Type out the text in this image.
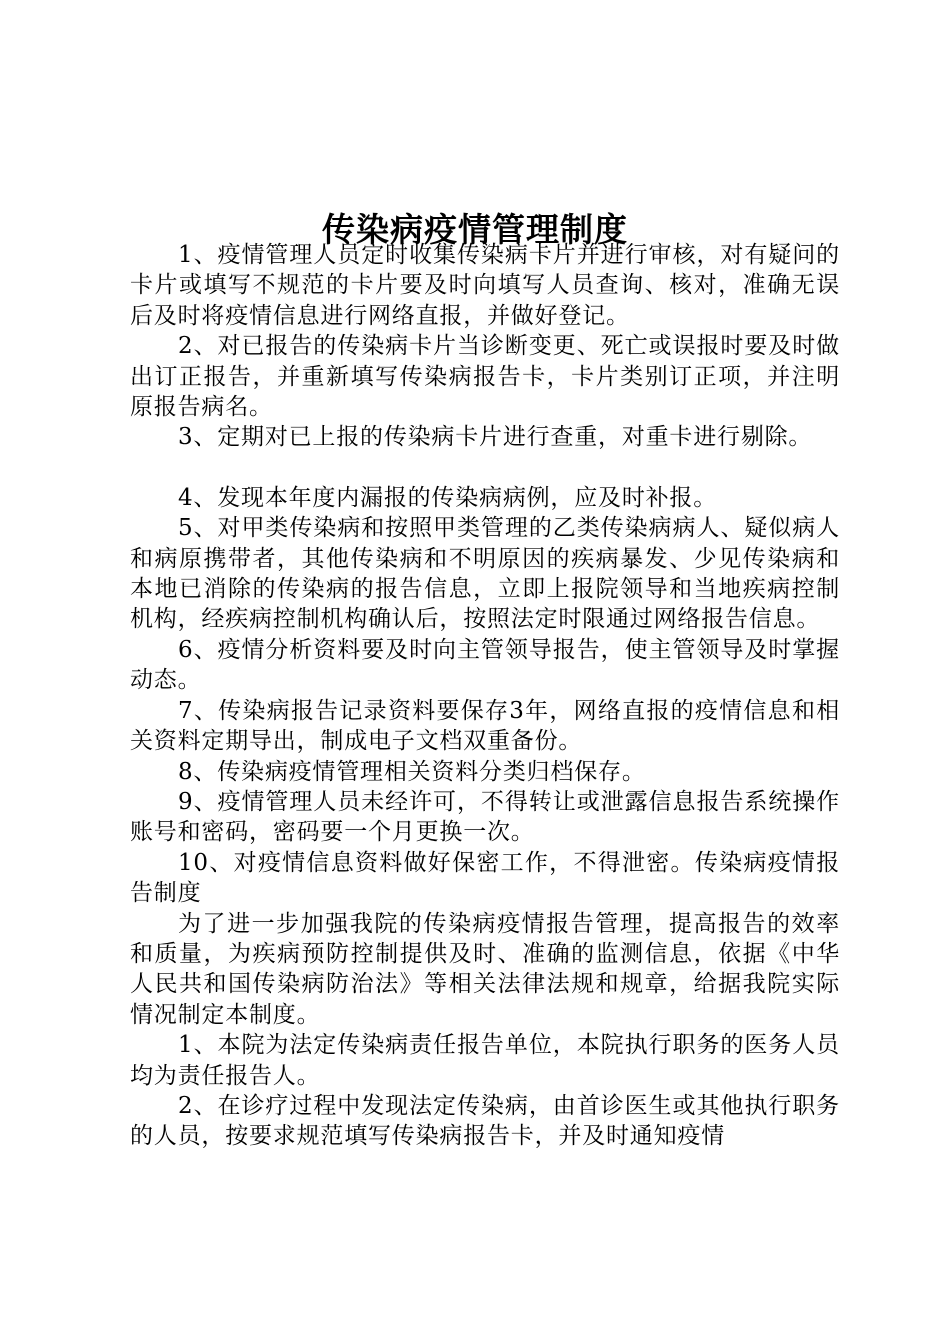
传染病疫情管理制度

1、疫情管理人员定时收集传染病卡片并进行审核，对有疑问的卡片或填写不规范的卡片要及时向填写人员查询、核对，准确无误后及时将疫情信息进行网络直报，并做好登记。

2、对已报告的传染病卡片当诊断变更、死亡或误报时要及时做出订正报告，并重新填写传染病报告卡，卡片类别订正项，并注明原报告病名。

3、定期对已上报的传染病卡片进行查重，对重卡进行剔除。

4、发现本年度内漏报的传染病病例，应及时补报。

5、对甲类传染病和按照甲类管理的乙类传染病病人、疑似病人和病原携带者，其他传染病和不明原因的疾病暴发、少见传染病和本地已消除的传染病的报告信息，立即上报院领导和当地疾病控制机构，经疾病控制机构确认后，按照法定时限通过网络报告信息。

6、疫情分析资料要及时向主管领导报告，使主管领导及时掌握动态。

7、传染病报告记录资料要保存3年，网络直报的疫情信息和相关资料定期导出，制成电子文档双重备份。

8、传染病疫情管理相关资料分类归档保存。

9、疫情管理人员未经许可，不得转让或泄露信息报告系统操作账号和密码，密码要一个月更换一次。

10、对疫情信息资料做好保密工作，不得泄密。传染病疫情报告制度

为了进一步加强我院的传染病疫情报告管理，提高报告的效率和质量，为疾病预防控制提供及时、准确的监测信息，依据《中华人民共和国传染病防治法》等相关法律法规和规章，给据我院实际情况制定本制度。

1、本院为法定传染病责任报告单位，本院执行职务的医务人员均为责任报告人。

2、在诊疗过程中发现法定传染病，由首诊医生或其他执行职务的人员，按要求规范填写传染病报告卡，并及时通知疫情
